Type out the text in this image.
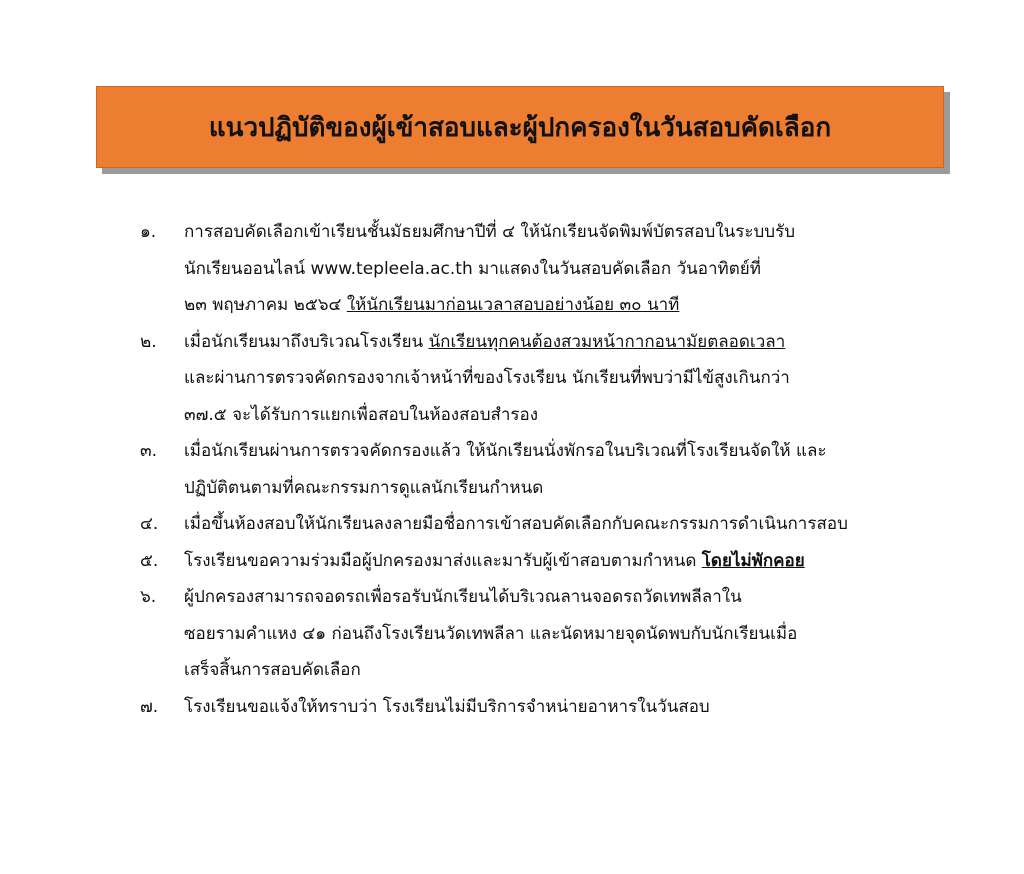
แนวปฏิบัติของผู้เข้าสอบและผู้ปกครองในวันสอบคัดเลือก
๑. การสอบคัดเลือกเข้าเรียนชั้นมัธยมศึกษาปีที่ ๔ ให้นักเรียนจัดพิมพ์บัตรสอบในระบบรับ
นักเรียนออนไลน์ www.tepleela.ac.th มาแสดงในวันสอบคัดเลือก วันอาทิตย์ที่
๒๓ พฤษภาคม ๒๕๖๔ ให้นักเรียนมาก่อนเวลาสอบอย่างน้อย ๓๐ นาที
๒. เมื่อนักเรียนมาถึงบริเวณโรงเรียน นักเรียนทุกคนต้องสวมหน้ากากอนามัยตลอดเวลา
และผ่านการตรวจคัดกรองจากเจ้าหน้าที่ของโรงเรียน นักเรียนที่พบว่ามีไข้สูงเกินกว่า
๓๗.๕ จะได้รับการแยกเพื่อสอบในห้องสอบสำรอง
๓. เมื่อนักเรียนผ่านการตรวจคัดกรองแล้ว ให้นักเรียนนั่งพักรอในบริเวณที่โรงเรียนจัดให้ และ
ปฏิบัติตนตามที่คณะกรรมการดูแลนักเรียนกำหนด
๔. เมื่อขึ้นห้องสอบให้นักเรียนลงลายมือชื่อการเข้าสอบคัดเลือกกับคณะกรรมการดำเนินการสอบ
๕. โรงเรียนขอความร่วมมือผู้ปกครองมาส่งและมารับผู้เข้าสอบตามกำหนด โดยไม่พักคอย
๖. ผู้ปกครองสามารถจอดรถเพื่อรอรับนักเรียนได้บริเวณลานจอดรถวัดเทพลีลาใน
ซอยรามคำแหง ๔๑ ก่อนถึงโรงเรียนวัดเทพลีลา และนัดหมายจุดนัดพบกับนักเรียนเมื่อ
เสร็จสิ้นการสอบคัดเลือก
๗. โรงเรียนขอแจ้งให้ทราบว่า โรงเรียนไม่มีบริการจำหน่ายอาหารในวันสอบ
